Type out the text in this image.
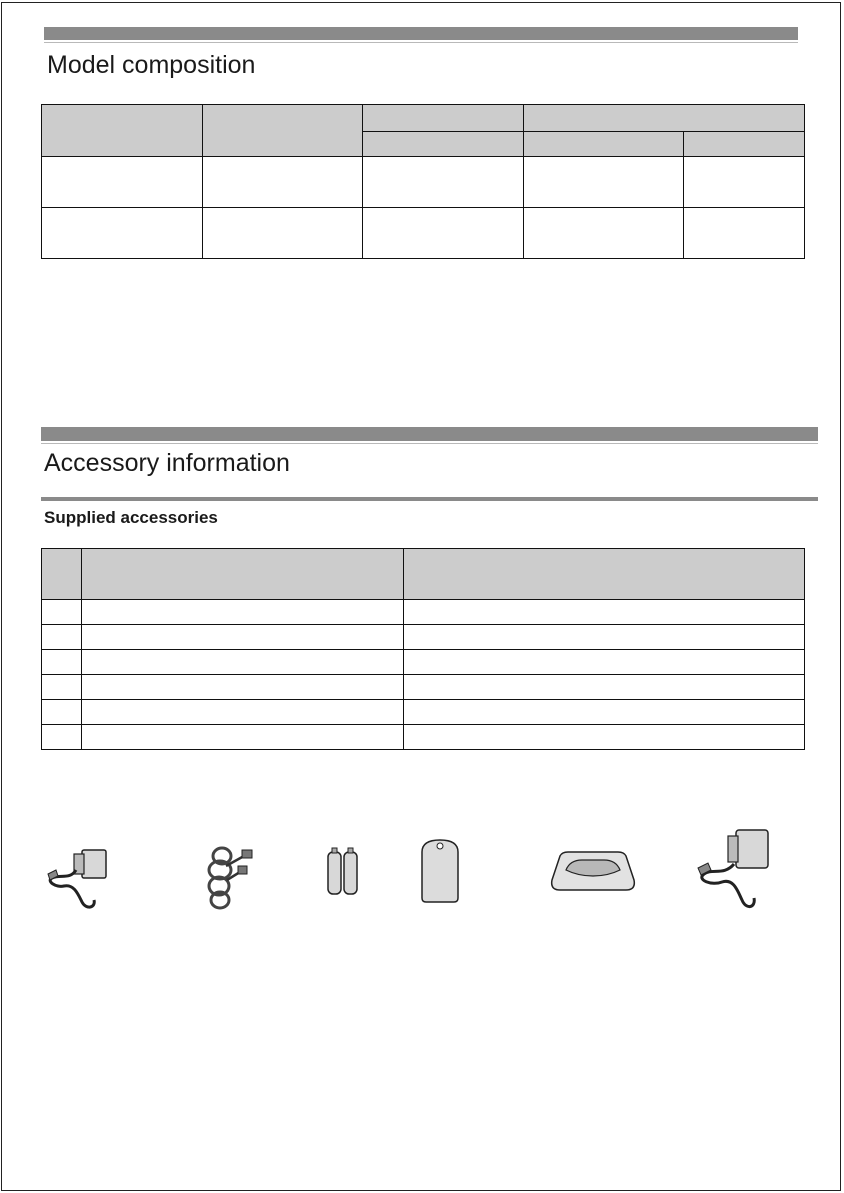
Model composition

Accessory information
Supplied accessories
